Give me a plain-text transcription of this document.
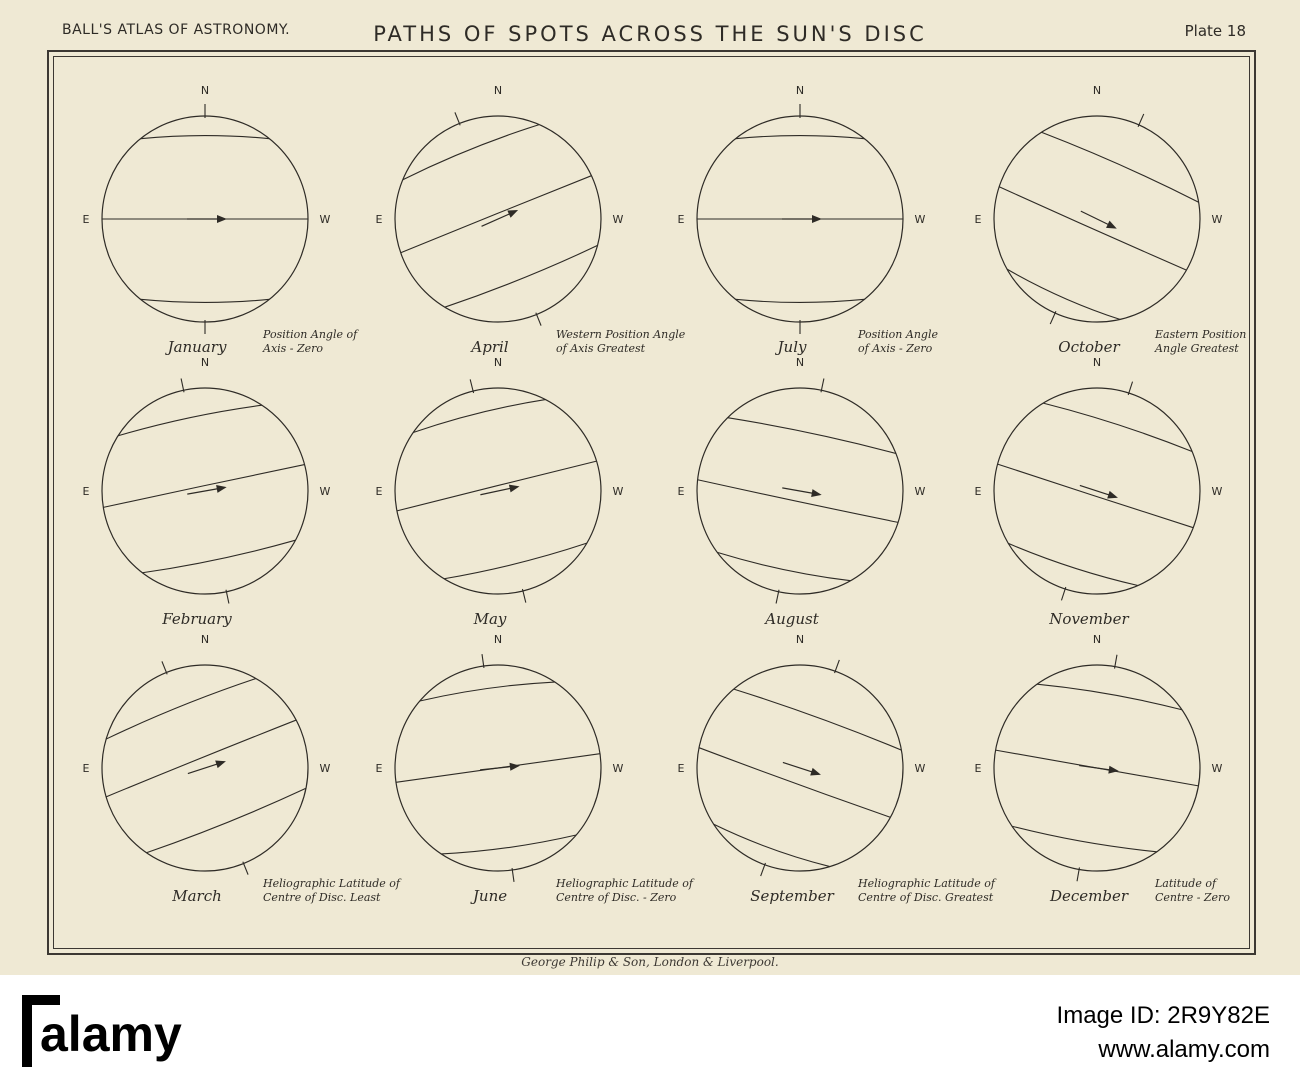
BALL'S ATLAS OF ASTRONOMY.	PATHS OF SPOTS ACROSS THE SUN'S DISC	Plate 18
N
E	W
January
Position Angle of
Axis - Zero
N
E	W
February
N
E	W
March
Heliographic Latitude of
Centre of Disc. Least
N
E	W
April
Western Position Angle
of Axis Greatest
N
E	W
May
N
E	W
June
Heliographic Latitude of
Centre of Disc. - Zero
N
E	W
July
Position Angle
of Axis - Zero
N
E	W
August
N
E	W
September
Heliographic Latitude of
Centre of Disc. Greatest
N
E	W
October
Eastern Position
Angle Greatest
N
E	W
November
N
E	W
December
Latitude of
Centre - Zero
George Philip & Son, London & Liverpool.
alamy	Image ID: 2R9Y82E
www.alamy.com
